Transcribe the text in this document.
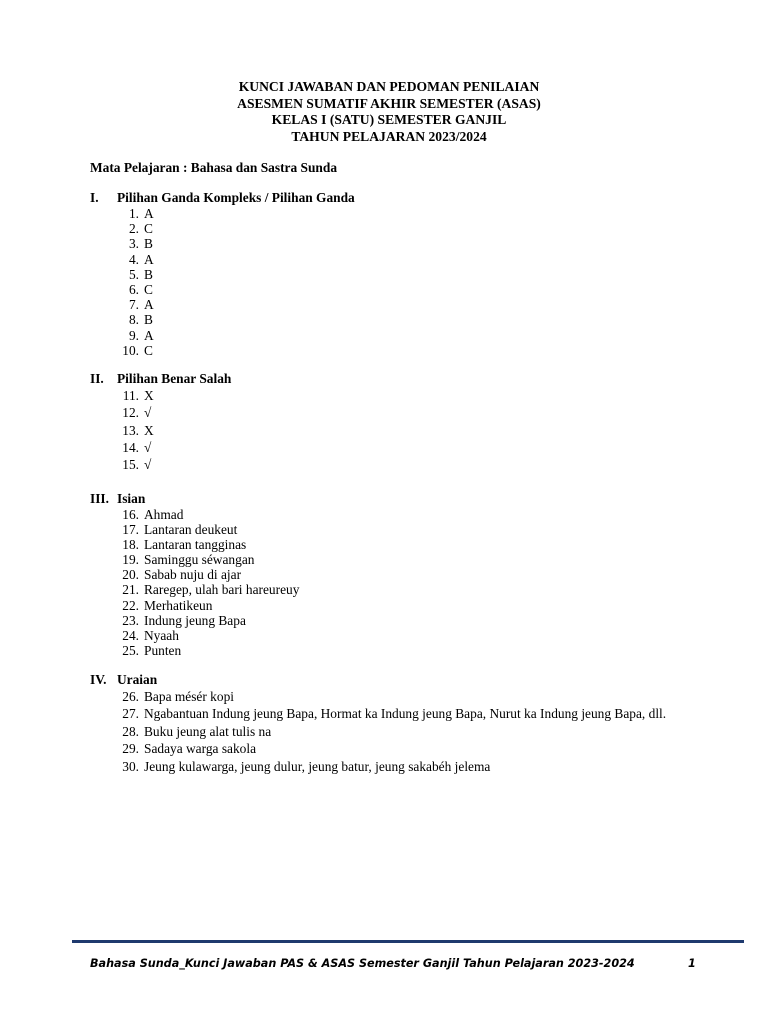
KUNCI JAWABAN DAN PEDOMAN PENILAIAN
ASESMEN SUMATIF AKHIR SEMESTER (ASAS)
KELAS I (SATU) SEMESTER GANJIL
TAHUN PELAJARAN 2023/2024
Mata Pelajaran : Bahasa dan Sastra Sunda
I. Pilihan Ganda Kompleks / Pilihan Ganda
1. A
2. C
3. B
4. A
5. B
6. C
7. A
8. B
9. A
10. C
II. Pilihan Benar Salah
11. X
12. √
13. X
14. √
15. √
III. Isian
16. Ahmad
17. Lantaran deukeut
18. Lantaran tangginas
19. Saminggu séwangan
20. Sabab nuju di ajar
21. Raregep, ulah bari hareureuy
22. Merhatikeun
23. Indung jeung Bapa
24. Nyaah
25. Punten
IV. Uraian
26. Bapa mésér kopi
27. Ngabantuan Indung jeung Bapa, Hormat ka Indung jeung Bapa, Nurut ka Indung jeung Bapa, dll.
28. Buku jeung alat tulis na
29. Sadaya warga sakola
30. Jeung kulawarga, jeung dulur, jeung batur, jeung sakabéh jelema
Bahasa Sunda_Kunci Jawaban PAS & ASAS Semester Ganjil Tahun Pelajaran 2023-2024	1
